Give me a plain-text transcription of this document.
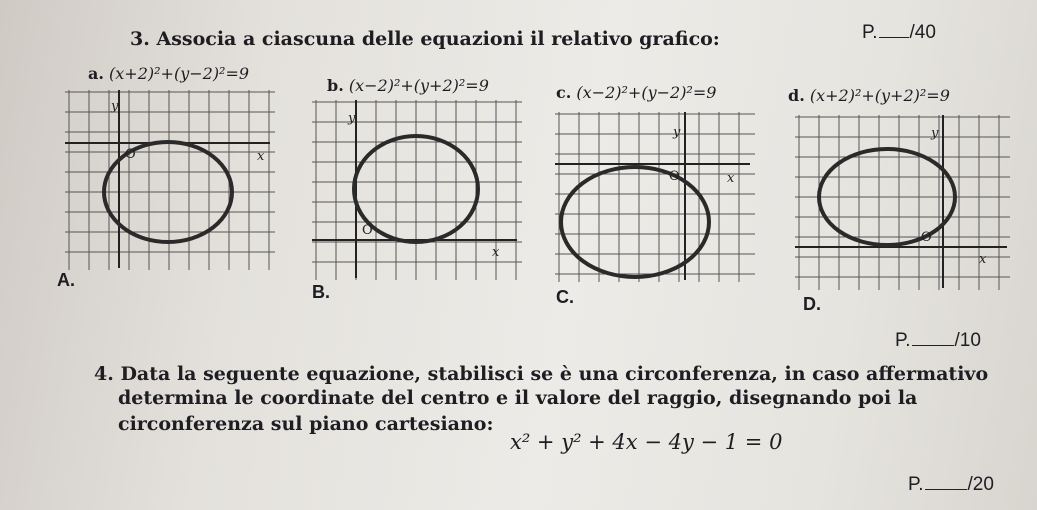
P. /40
3. Associa a ciascuna delle equazioni il relativo grafico:
a. (x+2)²+(y−2)²=9
b. (x−2)²+(y+2)²=9	c. (x−2)²+(y−2)²=9	d. (x+2)²+(y+2)²=9
y
x
O
y
x
O
y
x
O
y
x
O
A.
B.	C.	D.
P. /10
4. Data la seguente equazione, stabilisci se è una circonferenza, in caso affermativo
determina le coordinate del centro e il valore del raggio, disegnando poi la
circonferenza sul piano cartesiano:
x² + y² + 4x − 4y − 1 = 0
P. /20
